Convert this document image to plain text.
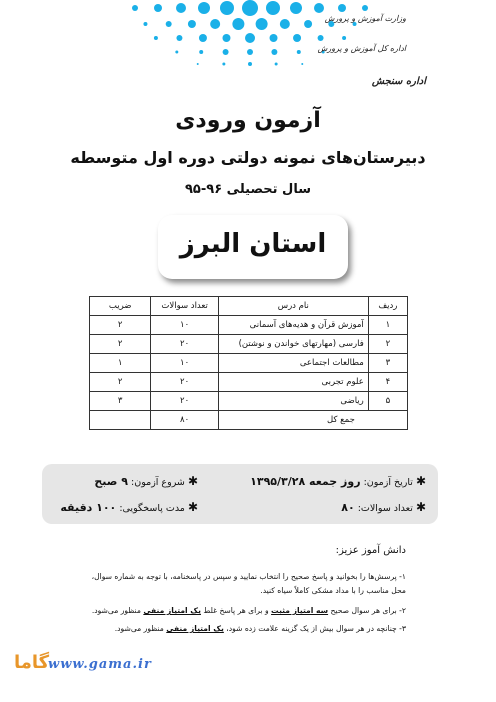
وزارت آموزش و پرورش
اداره کل آموزش و پرورش
اداره سنجش
آزمون ورودی
دبیرستان‌های نمونه دولتی دوره اول متوسطه
سال تحصیلی ۹۶-۹۵
استان البرز
ردیف	نام درس	تعداد سوالات	ضریب
۱	آموزش قرآن و هدیه‌های آسمانی	۱۰	۲
۲	فارسی (مهارتهای خواندن و نوشتن)	۲۰	۲
۳	مطالعات اجتماعی	۱۰	۱
۴	علوم تجربی	۲۰	۲
۵	ریاضی	۲۰	۳
جمع کل		۸۰	
✱ تاریخ آزمون: روز جمعه ۱۳۹۵/۳/۲۸
✱ شروع آزمون: ۹ صبح
✱ تعداد سوالات: ۸۰
✱ مدت پاسخگویی: ۱۰۰ دقیقه
دانش آموز عزیز:
۱- پرسش‌ها را بخوانید و پاسخ صحیح را انتخاب نمایید و سپس در پاسخنامه، با توجه به شماره سوال، محل مناسب را با مداد مشکی کاملاً سیاه کنید.
۲- برای هر سوال صحیح سه امتیاز مثبت و برای هر پاسخ غلط یک امتیاز منفی منظور می‌شود.
۳- چنانچه در هر سوال بیش از یک گزینه علامت زده شود، یک امتیاز منفی منظور می‌شود.
گاما
www.gama.ir
